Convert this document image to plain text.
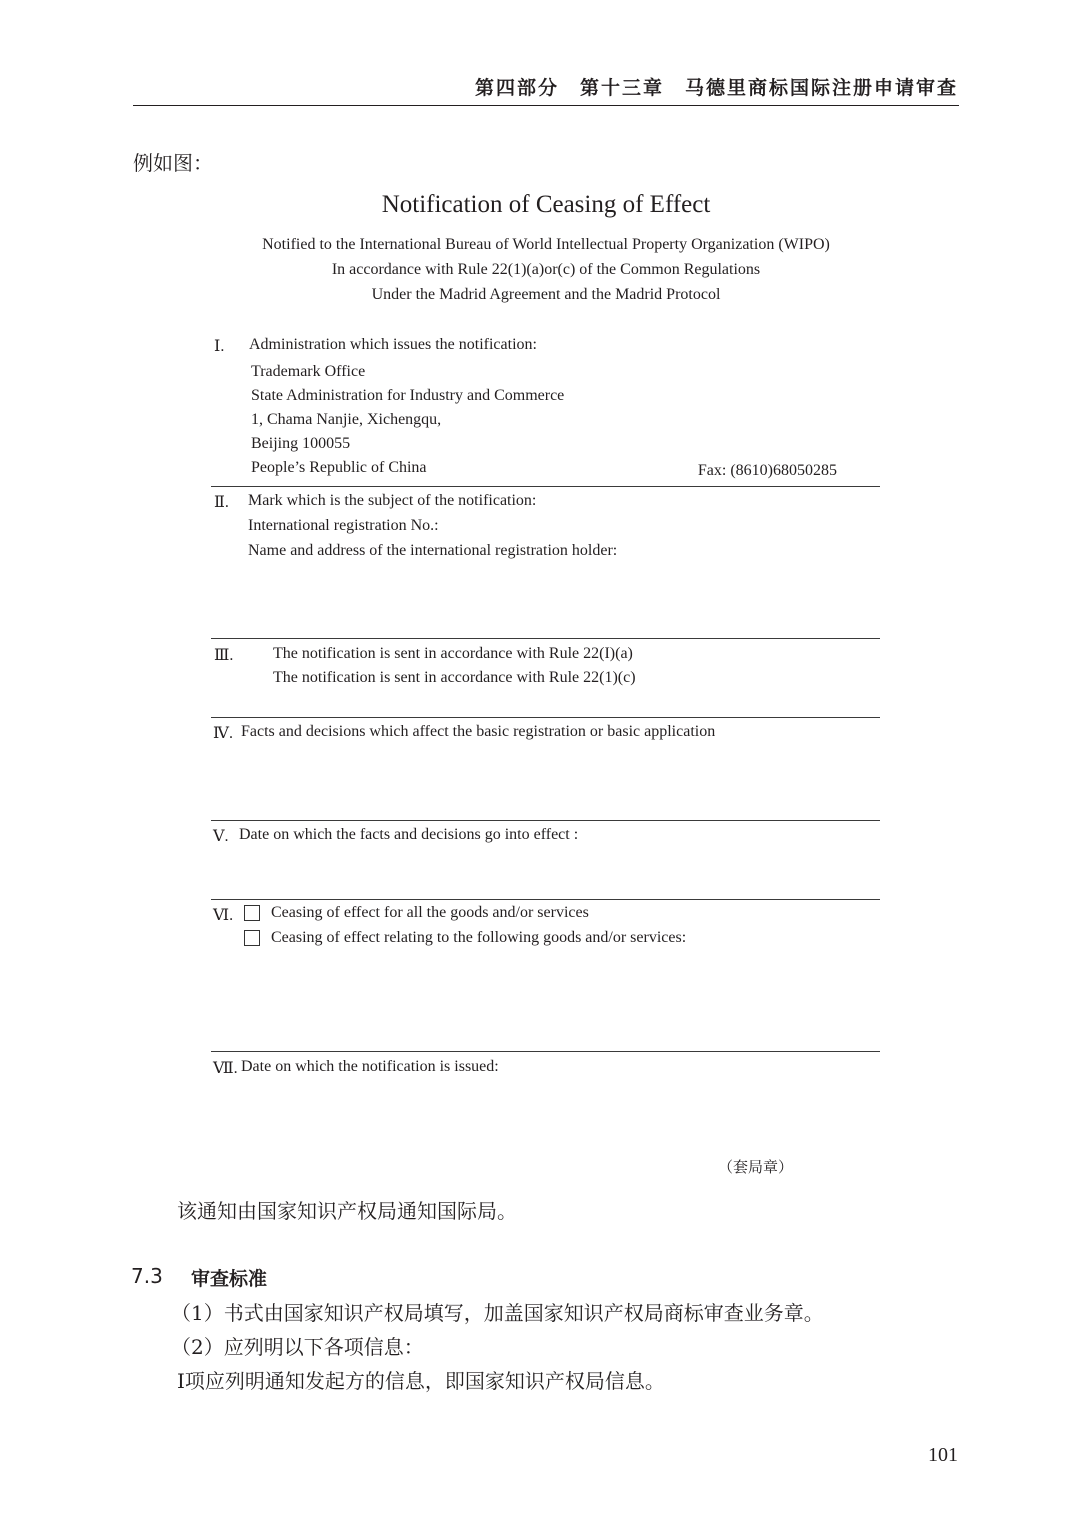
第四部分　第十三章　马德里商标国际注册申请审查
例如图：
Notification of Ceasing of Effect
Notified to the International Bureau of World Intellectual Property Organization (WIPO)
In accordance with Rule 22(1)(a)or(c) of the Common Regulations
Under the Madrid Agreement and the Madrid Protocol
Ⅰ. Administration which issues the notification:
Trademark Office
State Administration for Industry and Commerce
1, Chama Nanjie, Xichengqu,
Beijing 100055
People’s Republic of China	Fax: (8610)68050285
Ⅱ. Mark which is the subject of the notification:
International registration No.:
Name and address of the international registration holder:
Ⅲ. The notification is sent in accordance with Rule 22(I)(a)
The notification is sent in accordance with Rule 22(1)(c)
Ⅳ. Facts and decisions which affect the basic registration or basic application
Ⅴ. Date on which the facts and decisions go into effect :
Ⅵ. Ceasing of effect for all the goods and/or services
Ceasing of effect relating to the following goods and/or services:
Ⅶ. Date on which the notification is issued:
（套局章）
该通知由国家知识产权局通知国际局。
7.3 审查标准
（1）书式由国家知识产权局填写，加盖国家知识产权局商标审查业务章。
（2）应列明以下各项信息：
Ⅰ项应列明通知发起方的信息，即国家知识产权局信息。
101
